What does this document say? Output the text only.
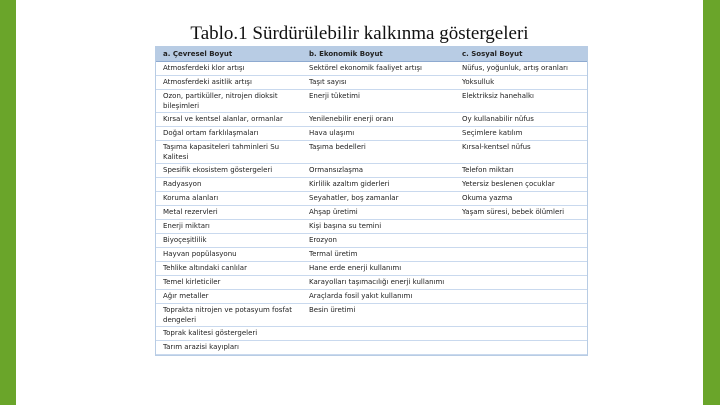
Tablo.1 Sürdürülebilir kalkınma göstergeleri
a. Çevresel Boyut	b. Ekonomik Boyut	c. Sosyal Boyut
Atmosferdeki klor artışı	Sektörel ekonomik faaliyet artışı	Nüfus, yoğunluk, artış oranları
Atmosferdeki asitlik artışı	Taşıt sayısı	Yoksulluk
Ozon, partiküller, nitrojen dioksit bileşimleri	Enerji tüketimi	Elektriksiz hanehalkı
Kırsal ve kentsel alanlar, ormanlar	Yenilenebilir enerji oranı	Oy kullanabilir nüfus
Doğal ortam farklılaşmaları	Hava ulaşımı	Seçimlere katılım
Taşıma kapasiteleri tahminleri Su Kalitesi	Taşıma bedelleri	Kırsal-kentsel nüfus
Spesifik ekosistem göstergeleri	Ormansızlaşma	Telefon miktarı
Radyasyon	Kirlilik azaltım giderleri	Yetersiz beslenen çocuklar
Koruma alanları	Seyahatler, boş zamanlar	Okuma yazma
Metal rezervleri	Ahşap üretimi	Yaşam süresi, bebek ölümleri
Enerji miktarı	Kişi başına su temini	
Biyoçeşitlilik	Erozyon	
Hayvan popülasyonu	Termal üretim	
Tehlike altındaki canlılar	Hane erde enerji kullanımı	
Temel kirleticiler	Karayolları taşımacılığı enerji kullanımı	
Ağır metaller	Araçlarda fosil yakıt kullanımı	
Toprakta nitrojen ve potasyum fosfat dengeleri	Besin üretimi	
Toprak kalitesi göstergeleri		
Tarım arazisi kayıpları		
